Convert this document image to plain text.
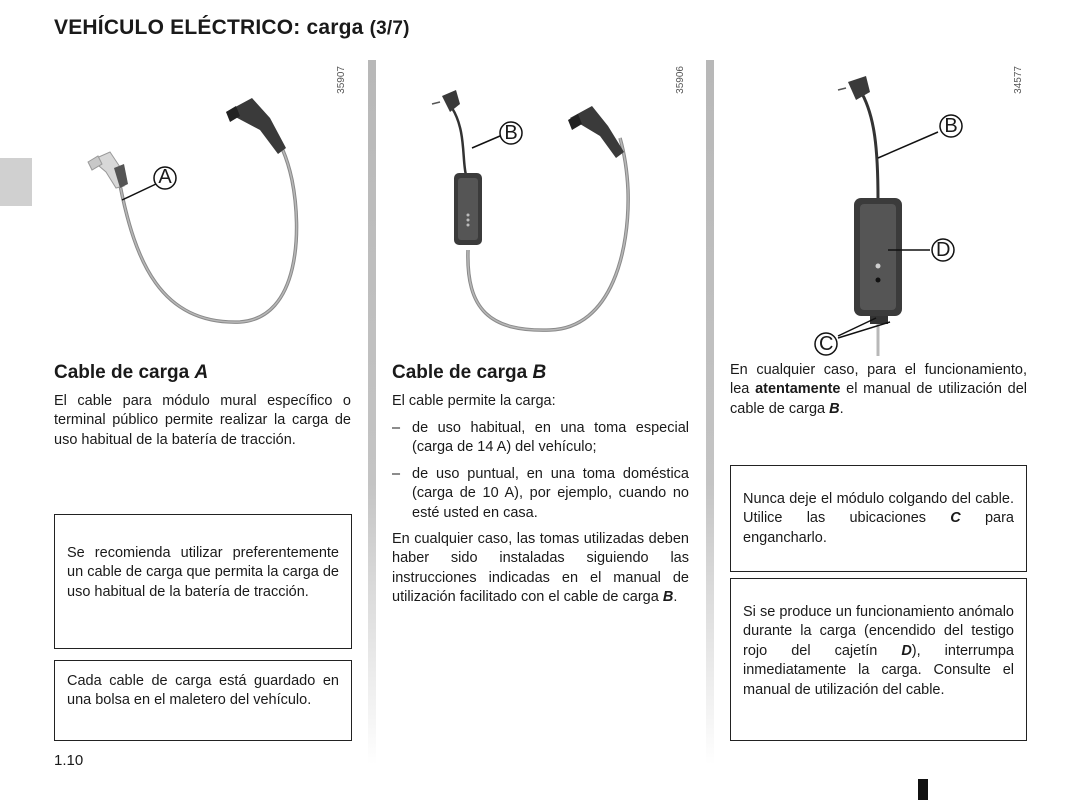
VEHÍCULO ELÉCTRICO: carga (3/7)
A
35907
Cable de carga A
El cable para módulo mural específico o terminal público permite realizar la carga de uso habitual de la batería de tracción.
Se recomienda utilizar preferentemente un cable de carga que permita la carga de uso habitual de la batería de tracción.
Cada cable de carga está guardado en una bolsa en el maletero del vehículo.
B
35906
Cable de carga B
El cable permite la carga:
– de uso habitual, en una toma especial (carga de 14 A) del vehículo;
– de uso puntual, en una toma doméstica (carga de 10 A), por ejemplo, cuando no esté usted en casa.
En cualquier caso, las tomas utilizadas deben haber sido instaladas siguiendo las instrucciones indicadas en el manual de utilización facilitado con el cable de carga B.
B
D
C
34577
En cualquier caso, para el funcionamiento, lea atentamente el manual de utilización del cable de carga B.
Nunca deje el módulo colgando del cable. Utilice las ubicaciones C para engancharlo.
Si se produce un funcionamiento anómalo durante la carga (encendido del testigo rojo del cajetín D), interrumpa inmediatamente la carga. Consulte el manual de utilización del cable.
1.10
